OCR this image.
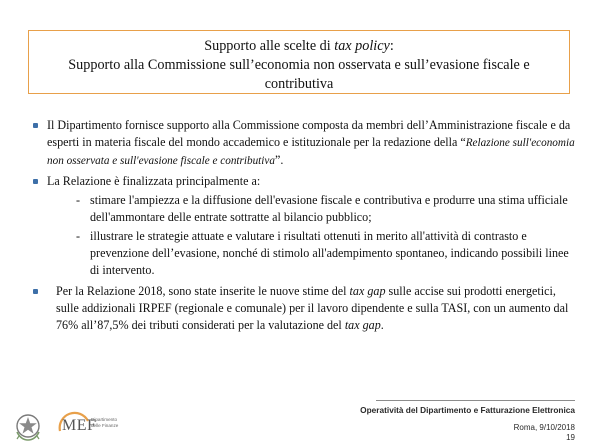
Supporto alle scelte di tax policy:
Supporto alla Commissione sull’economia non osservata e sull’evasione fiscale e
contributiva
Il Dipartimento fornisce supporto alla Commissione composta da membri dell’Amministrazione fiscale e da esperti in materia fiscale del mondo accademico e istituzionale per la redazione della “Relazione sull'economia non osservata e sull'evasione fiscale e contributiva”.
La Relazione è finalizzata principalmente a:
- stimare l'ampiezza e la diffusione dell'evasione fiscale e contributiva e produrre una stima ufficiale dell'ammontare delle entrate sottratte al bilancio pubblico;
- illustrare le strategie attuate e valutare i risultati ottenuti in merito all'attività di contrasto e prevenzione dell’evasione, nonché di stimolo all'adempimento spontaneo, indicando possibili linee di intervento.
Per la Relazione 2018, sono state inserite le nuove stime del tax gap sulle accise sui prodotti energetici, sulle addizionali IRPEF (regionale e comunale) per il lavoro dipendente e sulla TASI, con un aumento dal 76% all’87,5% dei tributi considerati per la valutazione del tax gap.
MEF
Dipartimento delle Finanze
Operatività del Dipartimento e Fatturazione Elettronica
Roma, 9/10/2018
19
